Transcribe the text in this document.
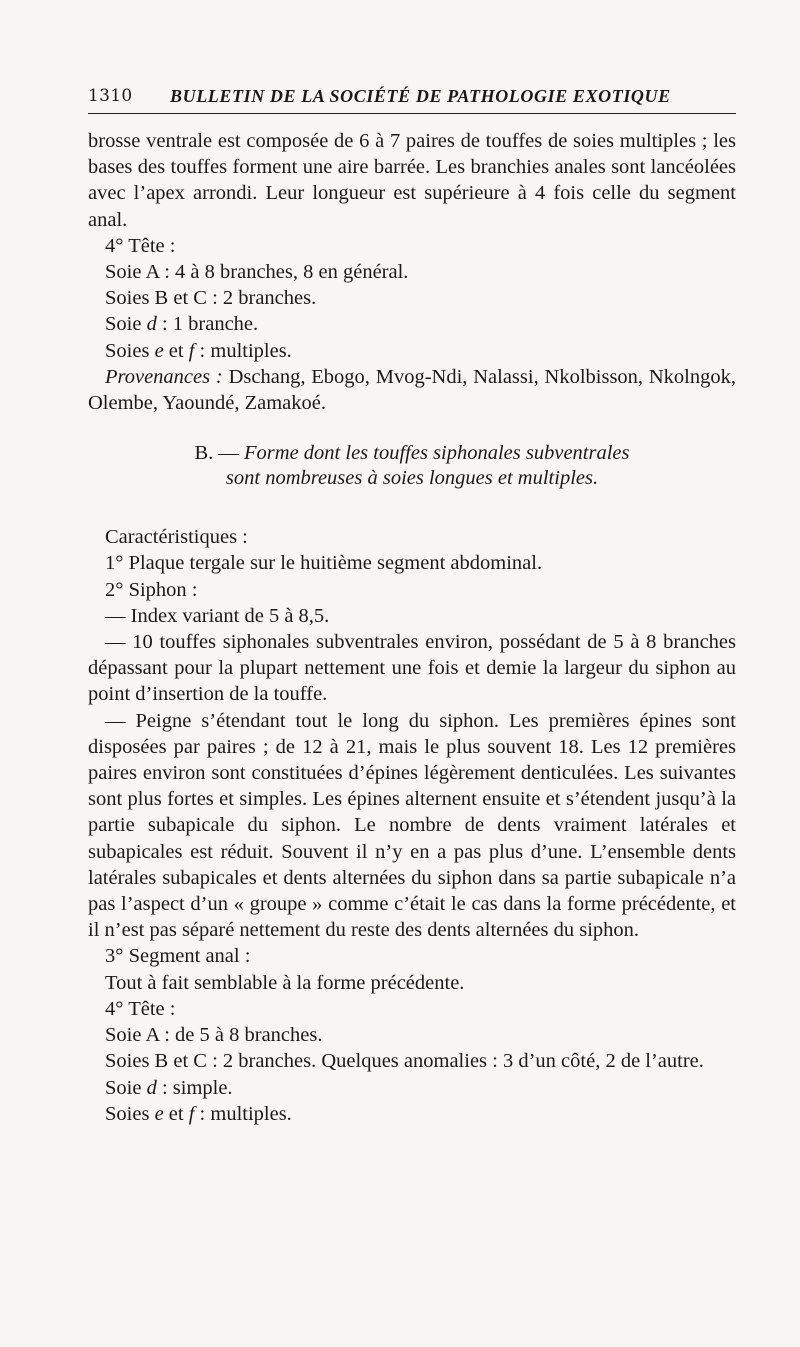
1310 BULLETIN DE LA SOCIÉTÉ DE PATHOLOGIE EXOTIQUE

brosse ventrale est composée de 6 à 7 paires de touffes de soies multiples ; les bases des touffes forment une aire barrée. Les branchies anales sont lancéolées avec l’apex arrondi. Leur longueur est supérieure à 4 fois celle du segment anal.

4° Tête :

Soie A : 4 à 8 branches, 8 en général.

Soies B et C : 2 branches.

Soie d : 1 branche.

Soies e et f : multiples.

Provenances : Dschang, Ebogo, Mvog-Ndi, Nalassi, Nkolbisson, Nkolngok, Olembe, Yaoundé, Zamakoé.

B. — Forme dont les touffes siphonales subventrales
sont nombreuses à soies longues et multiples.

Caractéristiques :

1° Plaque tergale sur le huitième segment abdominal.

2° Siphon :

— Index variant de 5 à 8,5.

— 10 touffes siphonales subventrales environ, possédant de 5 à 8 branches dépassant pour la plupart nettement une fois et demie la largeur du siphon au point d’insertion de la touffe.

— Peigne s’étendant tout le long du siphon. Les premières épines sont disposées par paires ; de 12 à 21, mais le plus souvent 18. Les 12 premières paires environ sont constituées d’épines légèrement denticulées. Les suivantes sont plus fortes et simples. Les épines alternent ensuite et s’étendent jusqu’à la partie subapicale du siphon. Le nombre de dents vraiment latérales et subapicales est réduit. Souvent il n’y en a pas plus d’une. L’ensemble dents latérales subapicales et dents alternées du siphon dans sa partie subapicale n’a pas l’aspect d’un « groupe » comme c’était le cas dans la forme précédente, et il n’est pas séparé nettement du reste des dents alternées du siphon.

3° Segment anal :

Tout à fait semblable à la forme précédente.

4° Tête :

Soie A : de 5 à 8 branches.

Soies B et C : 2 branches. Quelques anomalies : 3 d’un côté, 2 de l’autre.

Soie d : simple.

Soies e et f : multiples.
